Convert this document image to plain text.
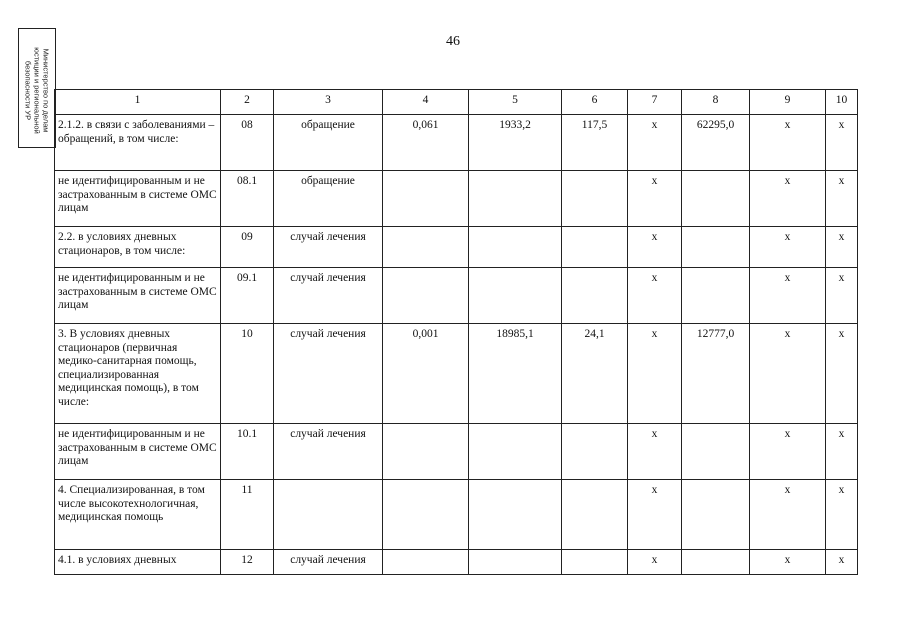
46
Министерство по делам
юстиции и региональной
безопасности УР	1	2	3	4	5	6	7	8	9	10
2.1.2. в связи с заболеваниями – обращений, в том числе:	08	обращение	0,061	1933,2	117,5	x	62295,0	x	x
не идентифицированным и не застрахованным в системе ОМС лицам	08.1	обращение				x		x	x
2.2. в условиях дневных стационаров, в том числе:	09	случай лечения				x		x	x
не идентифицированным и не застрахованным в системе ОМС лицам	09.1	случай лечения				x		x	x
3. В условиях дневных стационаров (первичная медико-санитарная помощь, специализированная медицинская помощь), в том числе:	10	случай лечения	0,001	18985,1	24,1	x	12777,0	x	x
не идентифицированным и не застрахованным в системе ОМС лицам	10.1	случай лечения				x		x	x
4. Специализированная, в том числе высокотехнологичная, медицинская помощь	11					x		x	x
4.1. в условиях дневных	12	случай лечения				x		x	x
